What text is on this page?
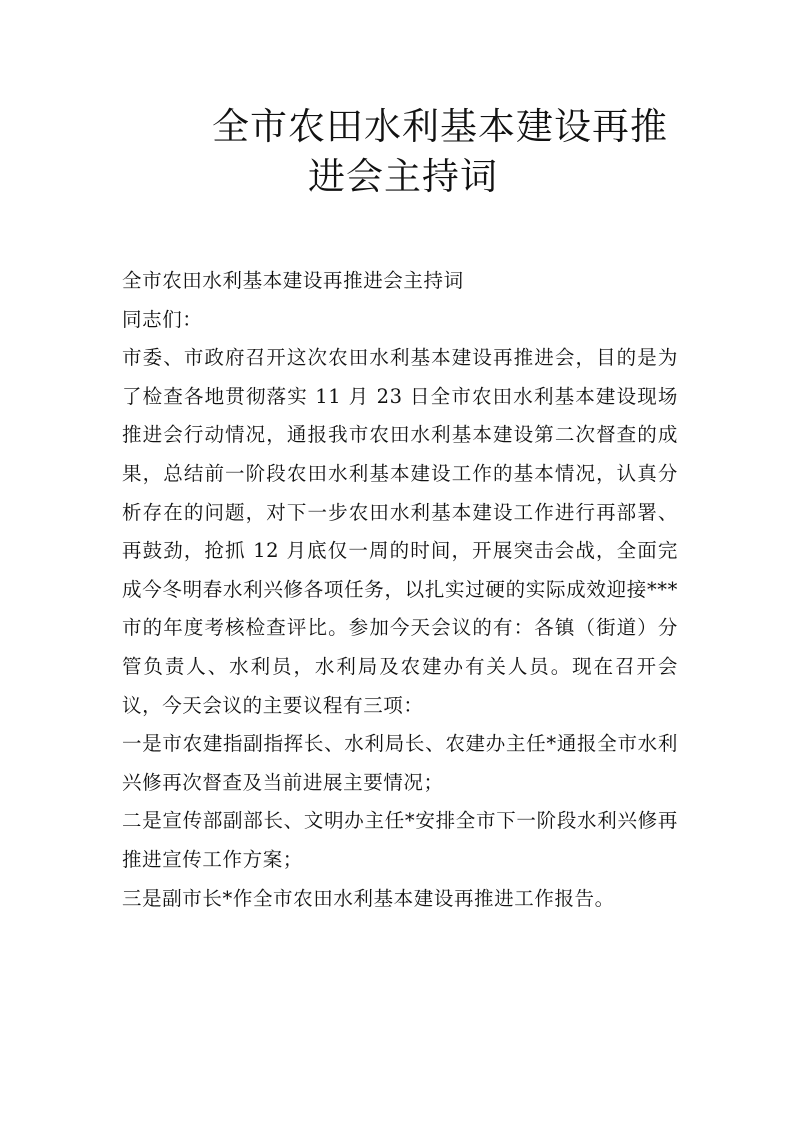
全市农田水利基本建设再推
进会主持词

全市农田水利基本建设再推进会主持词

同志们：

市委、市政府召开这次农田水利基本建设再推进会，目的是为了检查各地贯彻落实 11 月 23 日全市农田水利基本建设现场推进会行动情况，通报我市农田水利基本建设第二次督查的成果，总结前一阶段农田水利基本建设工作的基本情况，认真分析存在的问题，对下一步农田水利基本建设工作进行再部署、再鼓劲，抢抓 12 月底仅一周的时间，开展突击会战，全面完成今冬明春水利兴修各项任务，以扎实过硬的实际成效迎接***市的年度考核检查评比。参加今天会议的有：各镇（街道）分管负责人、水利员，水利局及农建办有关人员。现在召开会议，今天会议的主要议程有三项：

一是市农建指副指挥长、水利局长、农建办主任*通报全市水利兴修再次督查及当前进展主要情况；

二是宣传部副部长、文明办主任*安排全市下一阶段水利兴修再推进宣传工作方案；

三是副市长*作全市农田水利基本建设再推进工作报告。
